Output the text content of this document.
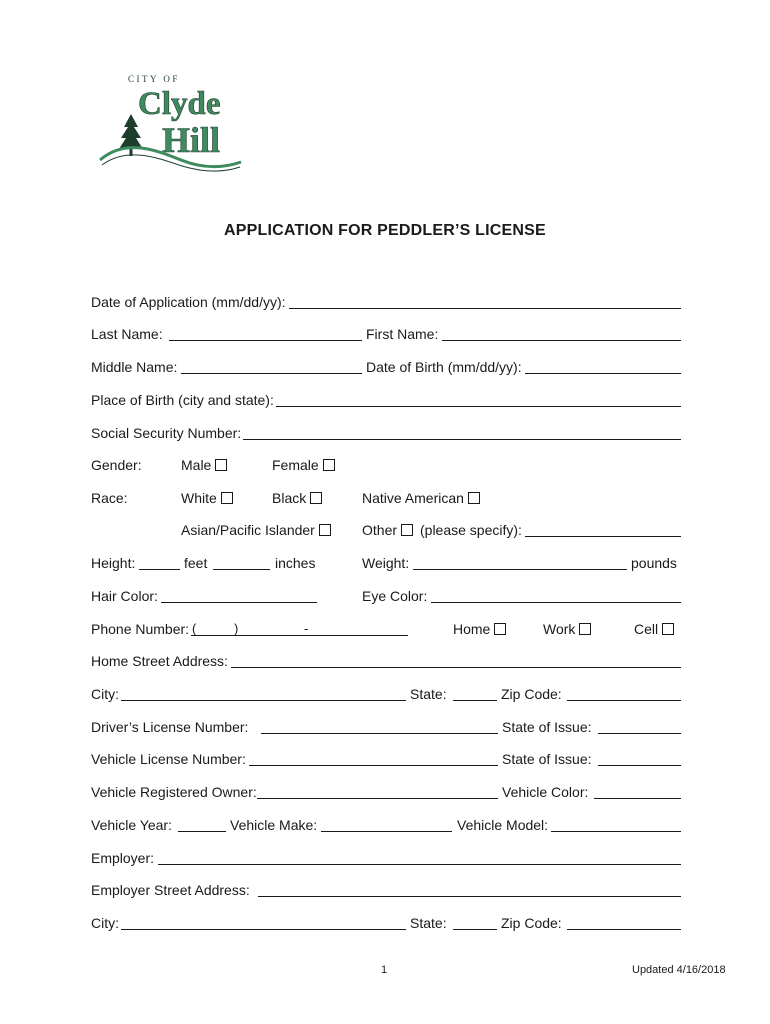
CITY OF
Clyde
Hill
APPLICATION FOR PEDDLER’S LICENSE
Date of Application (mm/dd/yy):
Last Name:	First Name:
Middle Name:	Date of Birth (mm/dd/yy):
Place of Birth (city and state):
Social Security Number:
Gender:	Male	Female
Race:	White	Black	Native American
Asian/Pacific Islander	Other	(please specify):
Height:	feet	inches	Weight:	pounds
Hair Color:	Eye Color:
Phone Number: (	)	-	Home	Work	Cell
Home Street Address:
City:	State:	Zip Code:
Driver’s License Number:	State of Issue:
Vehicle License Number:	State of Issue:
Vehicle Registered Owner:	Vehicle Color:
Vehicle Year:	Vehicle Make:	Vehicle Model:
Employer:
Employer Street Address:
City:	State:	Zip Code:
1	Updated 4/16/2018
